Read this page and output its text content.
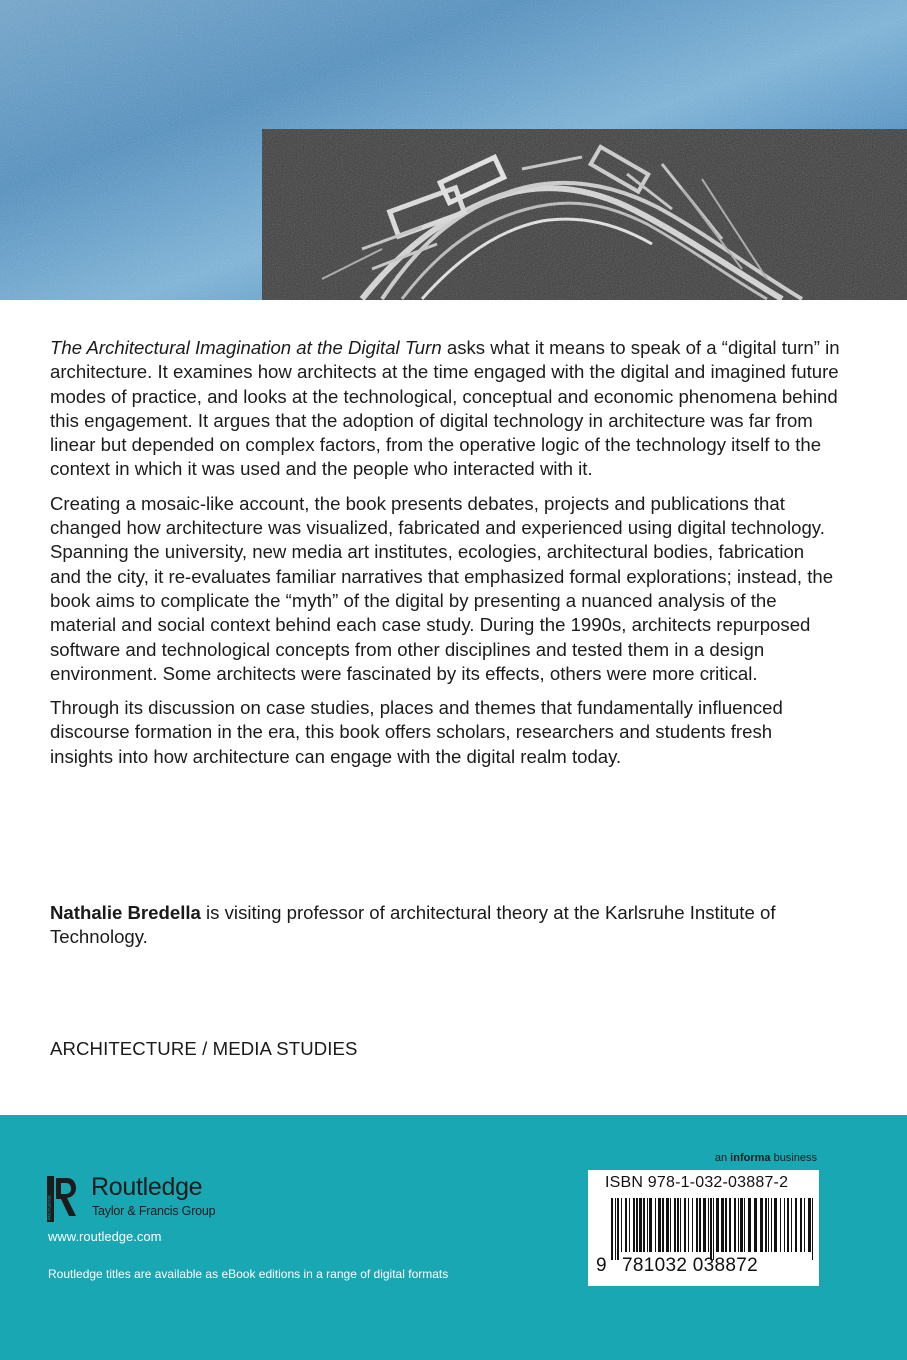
The Architectural Imagination at the Digital Turn asks what it means to speak of a “digital turn” in architecture. It examines how architects at the time engaged with the digital and imagined future modes of practice, and looks at the technological, conceptual and economic phenomena behind this engagement. It argues that the adoption of digital technology in architecture was far from linear but depended on complex factors, from the operative logic of the technology itself to the context in which it was used and the people who interacted with it.

Creating a mosaic-like account, the book presents debates, projects and publications that changed how architecture was visualized, fabricated and experienced using digital technology. Spanning the university, new media art institutes, ecologies, architectural bodies, fabrication and the city, it re-evaluates familiar narratives that emphasized formal explorations; instead, the book aims to complicate the “myth” of the digital by presenting a nuanced analysis of the material and social context behind each case study. During the 1990s, architects repurposed software and technological concepts from other disciplines and tested them in a design environment. Some architects were fascinated by its effects, others were more critical.

Through its discussion on case studies, places and themes that fundamentally influenced discourse formation in the era, this book offers scholars, researchers and students fresh insights into how architecture can engage with the digital realm today.

Nathalie Bredella is visiting professor of architectural theory at the Karlsruhe Institute of Technology.
ARCHITECTURE / MEDIA STUDIES
ROUTLEDGE
Routledge
Taylor & Francis Group
www.routledge.com
Routledge titles are available as eBook editions in a range of digital formats
an informa business
ISBN 978-1-032-03887-2
9 781032 038872
